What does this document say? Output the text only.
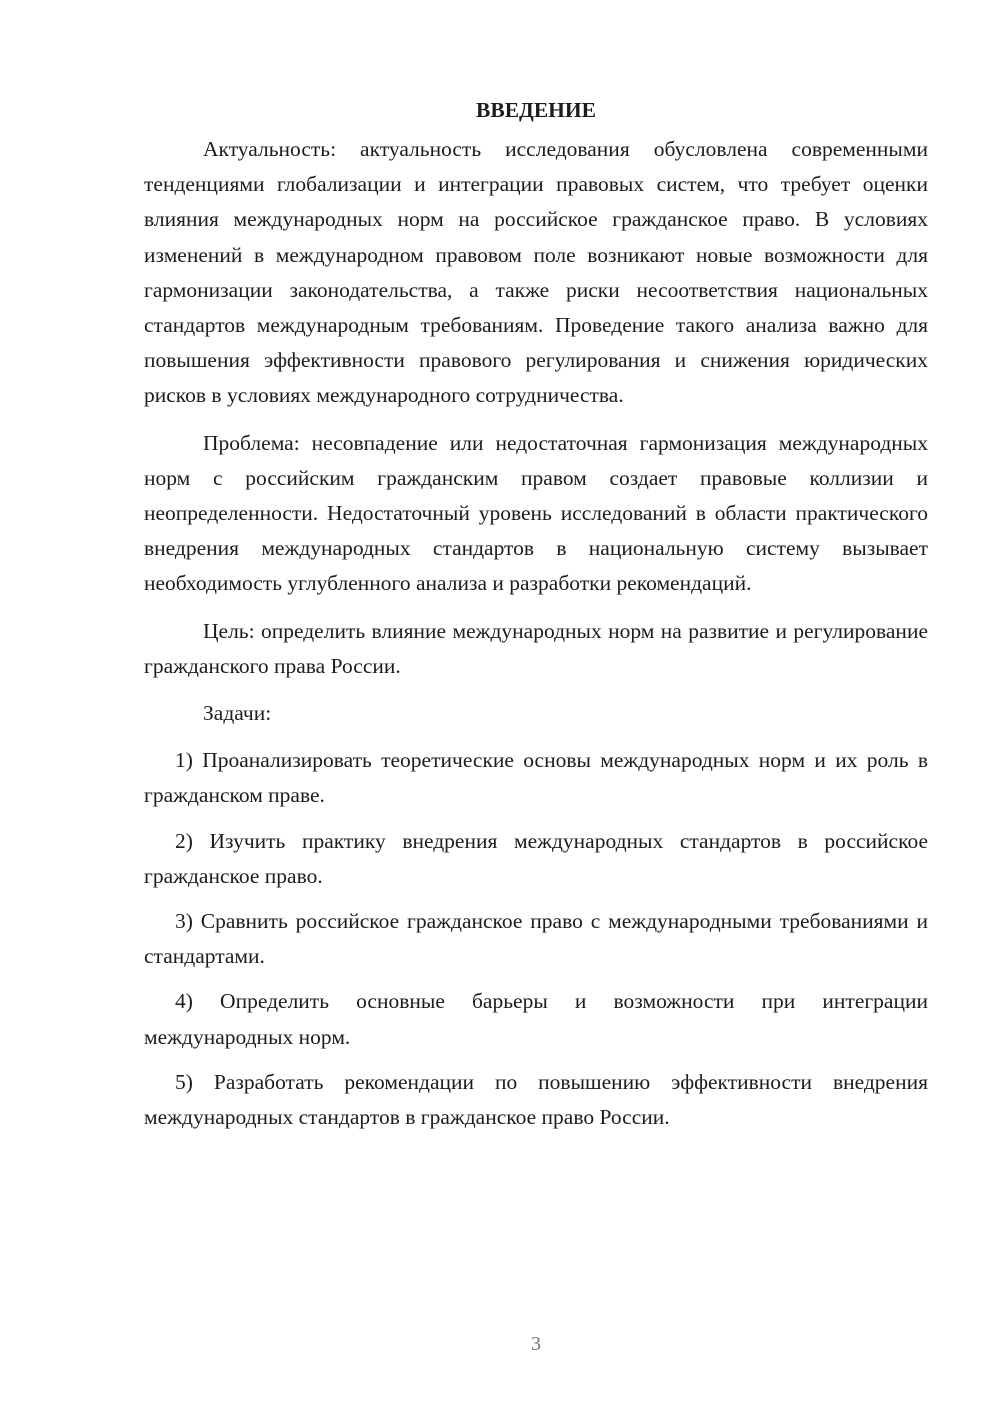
ВВЕДЕНИЕ

Актуальность: актуальность исследования обусловлена современными тенденциями глобализации и интеграции правовых систем, что требует оценки влияния международных норм на российское гражданское право. В условиях изменений в международном правовом поле возникают новые возможности для гармонизации законодательства, а также риски несоответствия национальных стандартов международным требованиям. Проведение такого анализа важно для повышения эффективности правового регулирования и снижения юридических рисков в условиях международного сотрудничества.

Проблема: несовпадение или недостаточная гармонизация международных норм с российским гражданским правом создает правовые коллизии и неопределенности. Недостаточный уровень исследований в области практического внедрения международных стандартов в национальную систему вызывает необходимость углубленного анализа и разработки рекомендаций.

Цель: определить влияние международных норм на развитие и регулирование гражданского права России.

Задачи:

1) Проанализировать теоретические основы международных норм и их роль в гражданском праве.

2) Изучить практику внедрения международных стандартов в российское гражданское право.

3) Сравнить российское гражданское право с международными требованиями и стандартами.

4) Определить основные барьеры и возможности при интеграции международных норм.

5) Разработать рекомендации по повышению эффективности внедрения международных стандартов в гражданское право России.

3
